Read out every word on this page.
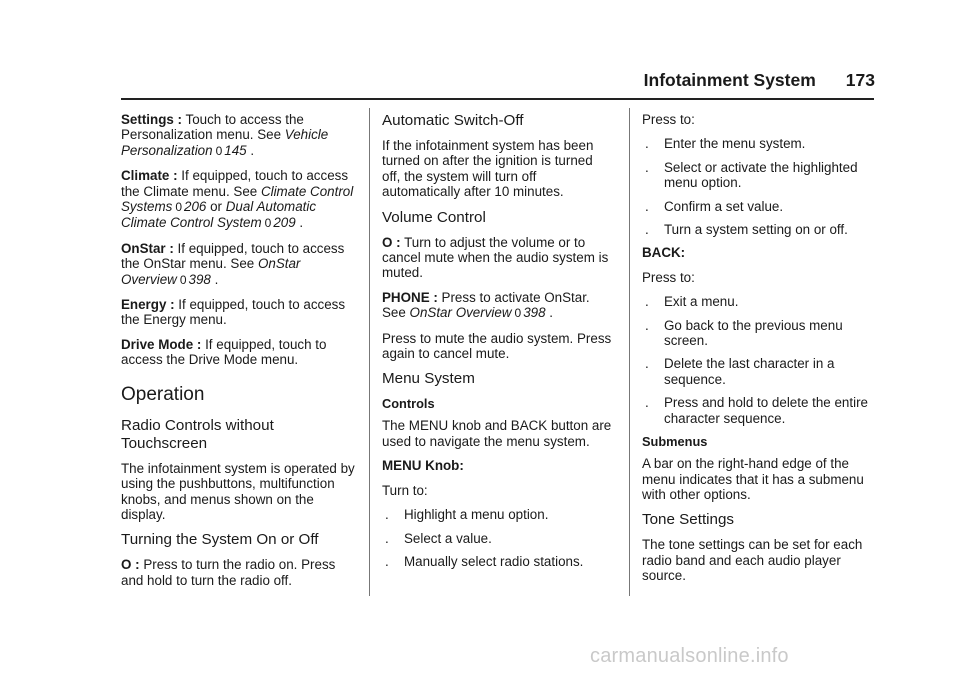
Infotainment System 173

Settings : Touch to access the Personalization menu. See Vehicle Personalization 0 145 .

Climate : If equipped, touch to access the Climate menu. See Climate Control Systems 0 206 or Dual Automatic Climate Control System 0 209 .

OnStar : If equipped, touch to access the OnStar menu. See OnStar Overview 0 398 .

Energy : If equipped, touch to access the Energy menu.

Drive Mode : If equipped, touch to access the Drive Mode menu.

Operation
Radio Controls without Touchscreen

The infotainment system is operated by using the pushbuttons, multifunction knobs, and menus shown on the display.

Turning the System On or Off

O : Press to turn the radio on. Press and hold to turn the radio off.

Automatic Switch-Off

If the infotainment system has been turned on after the ignition is turned off, the system will turn off automatically after 10 minutes.

Volume Control

O : Turn to adjust the volume or to cancel mute when the audio system is muted.

PHONE : Press to activate OnStar. See OnStar Overview 0 398 .

Press to mute the audio system. Press again to cancel mute.

Menu System
Controls

The MENU knob and BACK button are used to navigate the menu system.

MENU Knob:

Turn to:

.	Highlight a menu option.
.	Select a value.
.	Manually select radio stations.

Press to:

.	Enter the menu system.
.	Select or activate the highlighted menu option.
.	Confirm a set value.
.	Turn a system setting on or off.

BACK:

Press to:

.	Exit a menu.
.	Go back to the previous menu screen.
.	Delete the last character in a sequence.
.	Press and hold to delete the entire character sequence.
Submenus

A bar on the right-hand edge of the menu indicates that it has a submenu with other options.

Tone Settings

The tone settings can be set for each radio band and each audio player source.

carmanualsonline.info
